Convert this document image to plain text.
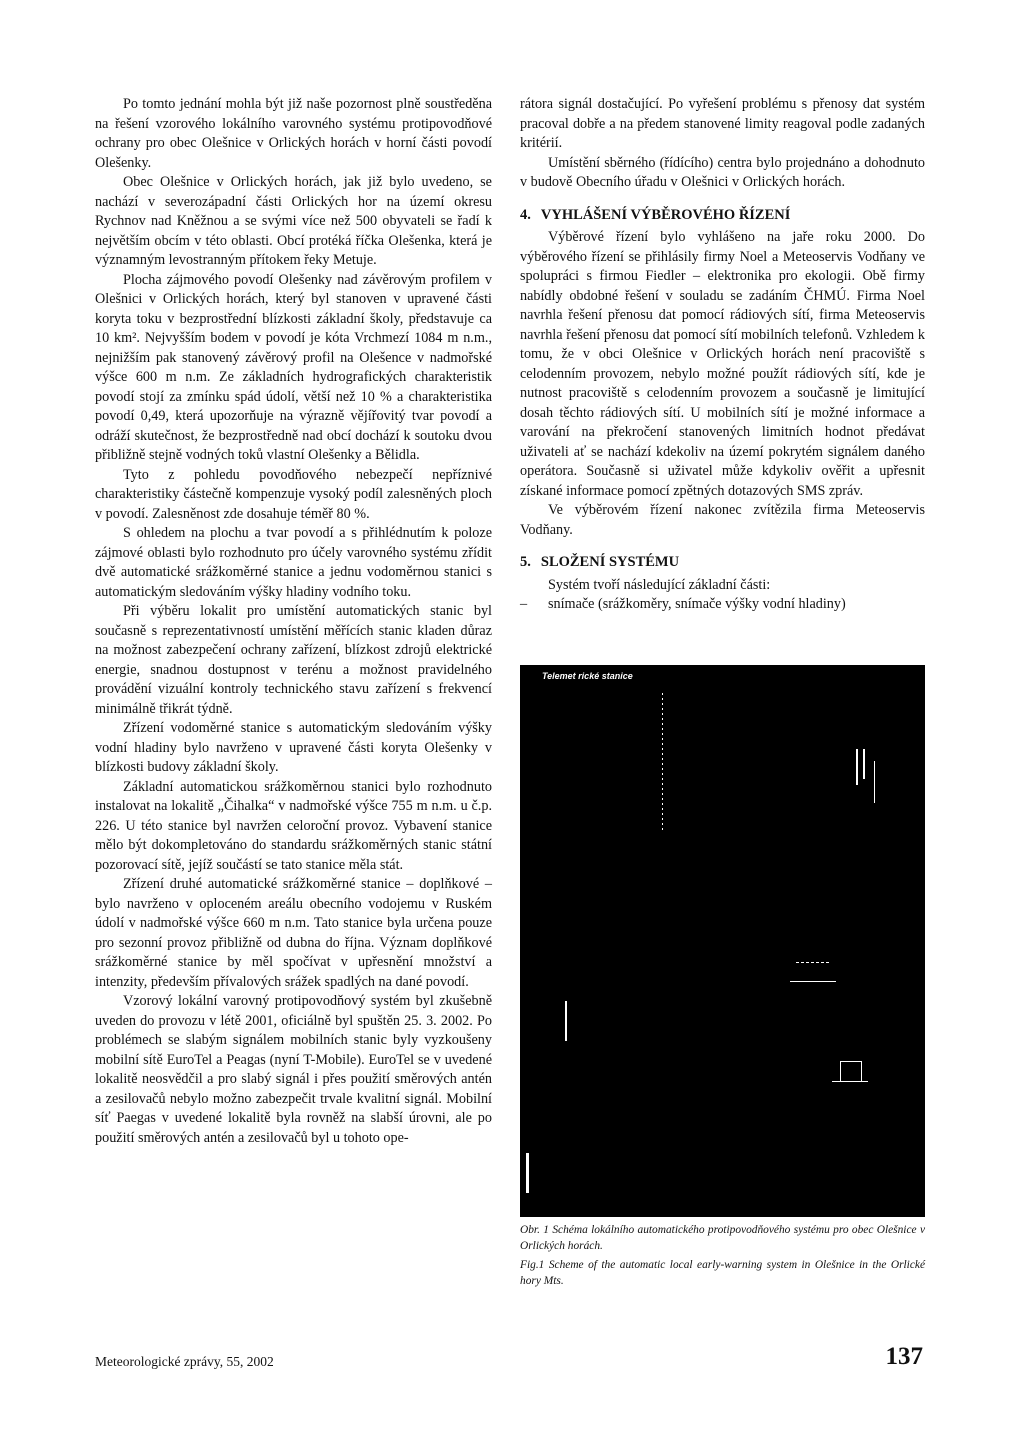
Po tomto jednání mohla být již naše pozornost plně soustředěna na řešení vzorového lokálního varovného systému protipovodňové ochrany pro obec Olešnice v Orlických horách v horní části povodí Olešenky.

Obec Olešnice v Orlických horách, jak již bylo uvedeno, se nachází v severozápadní části Orlických hor na území okresu Rychnov nad Kněžnou a se svými více než 500 obyvateli se řadí k největším obcím v této oblasti. Obcí protéká říčka Olešenka, která je významným levostranným přítokem řeky Metuje.

Plocha zájmového povodí Olešenky nad závěrovým profilem v Olešnici v Orlických horách, který byl stanoven v upravené části koryta toku v bezprostřední blízkosti základní školy, představuje ca 10 km². Nejvyšším bodem v povodí je kóta Vrchmezí 1084 m n.m., nejnižším pak stanovený závěrový profil na Olešence v nadmořské výšce 600 m n.m. Ze základních hydrografických charakteristik povodí stojí za zmínku spád údolí, větší než 10 % a charakteristika povodí 0,49, která upozorňuje na výrazně vějířovitý tvar povodí a odráží skutečnost, že bezprostředně nad obcí dochází k soutoku dvou přibližně stejně vodných toků vlastní Olešenky a Bělidla.

Tyto z pohledu povodňového nebezpečí nepříznivé charakteristiky částečně kompenzuje vysoký podíl zalesněných ploch v povodí. Zalesněnost zde dosahuje téměř 80 %.

S ohledem na plochu a tvar povodí a s přihlédnutím k poloze zájmové oblasti bylo rozhodnuto pro účely varovného systému zřídit dvě automatické srážkoměrné stanice a jednu vodoměrnou stanici s automatickým sledováním výšky hladiny vodního toku.

Při výběru lokalit pro umístění automatických stanic byl současně s reprezentativností umístění měřících stanic kladen důraz na možnost zabezpečení ochrany zařízení, blízkost zdrojů elektrické energie, snadnou dostupnost v terénu a možnost pravidelného provádění vizuální kontroly technického stavu zařízení s frekvencí minimálně třikrát týdně.

Zřízení vodoměrné stanice s automatickým sledováním výšky vodní hladiny bylo navrženo v upravené části koryta Olešenky v blízkosti budovy základní školy.

Základní automatickou srážkoměrnou stanici bylo rozhodnuto instalovat na lokalitě „Čihalka“ v nadmořské výšce 755 m n.m. u č.p. 226. U této stanice byl navržen celoroční provoz. Vybavení stanice mělo být dokompletováno do standardu srážkoměrných stanic státní pozorovací sítě, jejíž součástí se tato stanice měla stát.

Zřízení druhé automatické srážkoměrné stanice – doplňkové – bylo navrženo v oploceném areálu obecního vodojemu v Ruském údolí v nadmořské výšce 660 m n.m. Tato stanice byla určena pouze pro sezonní provoz přibližně od dubna do října. Význam doplňkové srážkoměrné stanice by měl spočívat v upřesnění množství a intenzity, především přívalových srážek spadlých na dané povodí.

Vzorový lokální varovný protipovodňový systém byl zkušebně uveden do provozu v létě 2001, oficiálně byl spuštěn 25. 3. 2002. Po problémech se slabým signálem mobilních stanic byly vyzkoušeny mobilní sítě EuroTel a Peagas (nyní T-Mobile). EuroTel se v uvedené lokalitě neosvědčil a pro slabý signál i přes použití směrových antén a zesilovačů nebylo možno zabezpečit trvale kvalitní signál. Mobilní síť Paegas v uvedené lokalitě byla rovněž na slabší úrovni, ale po použití směrových antén a zesilovačů byl u tohoto ope-

rátora signál dostačující. Po vyřešení problému s přenosy dat systém pracoval dobře a na předem stanovené limity reagoval podle zadaných kritérií.

Umístění sběrného (řídícího) centra bylo projednáno a dohodnuto v budově Obecního úřadu v Olešnici v Orlických horách.

4. VYHLÁŠENÍ VÝBĚROVÉHO ŘÍZENÍ

Výběrové řízení bylo vyhlášeno na jaře roku 2000. Do výběrového řízení se přihlásily firmy Noel a Meteoservis Vodňany ve spolupráci s firmou Fiedler – elektronika pro ekologii. Obě firmy nabídly obdobné řešení v souladu se zadáním ČHMÚ. Firma Noel navrhla řešení přenosu dat pomocí rádiových sítí, firma Meteoservis navrhla řešení přenosu dat pomocí sítí mobilních telefonů. Vzhledem k tomu, že v obci Olešnice v Orlických horách není pracoviště s celodenním provozem, nebylo možné použít rádiových sítí, kde je nutnost pracoviště s celodenním provozem a současně je limitující dosah těchto rádiových sítí. U mobilních sítí je možné informace a varování na překročení stanovených limitních hodnot předávat uživateli ať se nachází kdekoliv na území pokrytém signálem daného operátora. Současně si uživatel může kdykoliv ověřit a upřesnit získané informace pomocí zpětných dotazových SMS zpráv.

Ve výběrovém řízení nakonec zvítězila firma Meteoservis Vodňany.

5. SLOŽENÍ SYSTÉMU

Systém tvoří následující základní části:

–	snímače (srážkoměry, snímače výšky vodní hladiny)
Telemet rické stanice

Obr. 1 Schéma lokálního automatického protipovodňového systému pro obec Olešnice v Orlických horách.

Fig.1 Scheme of the automatic local early-warning system in Olešnice in the Orlické hory Mts.

Meteorologické zprávy, 55, 2002	137
